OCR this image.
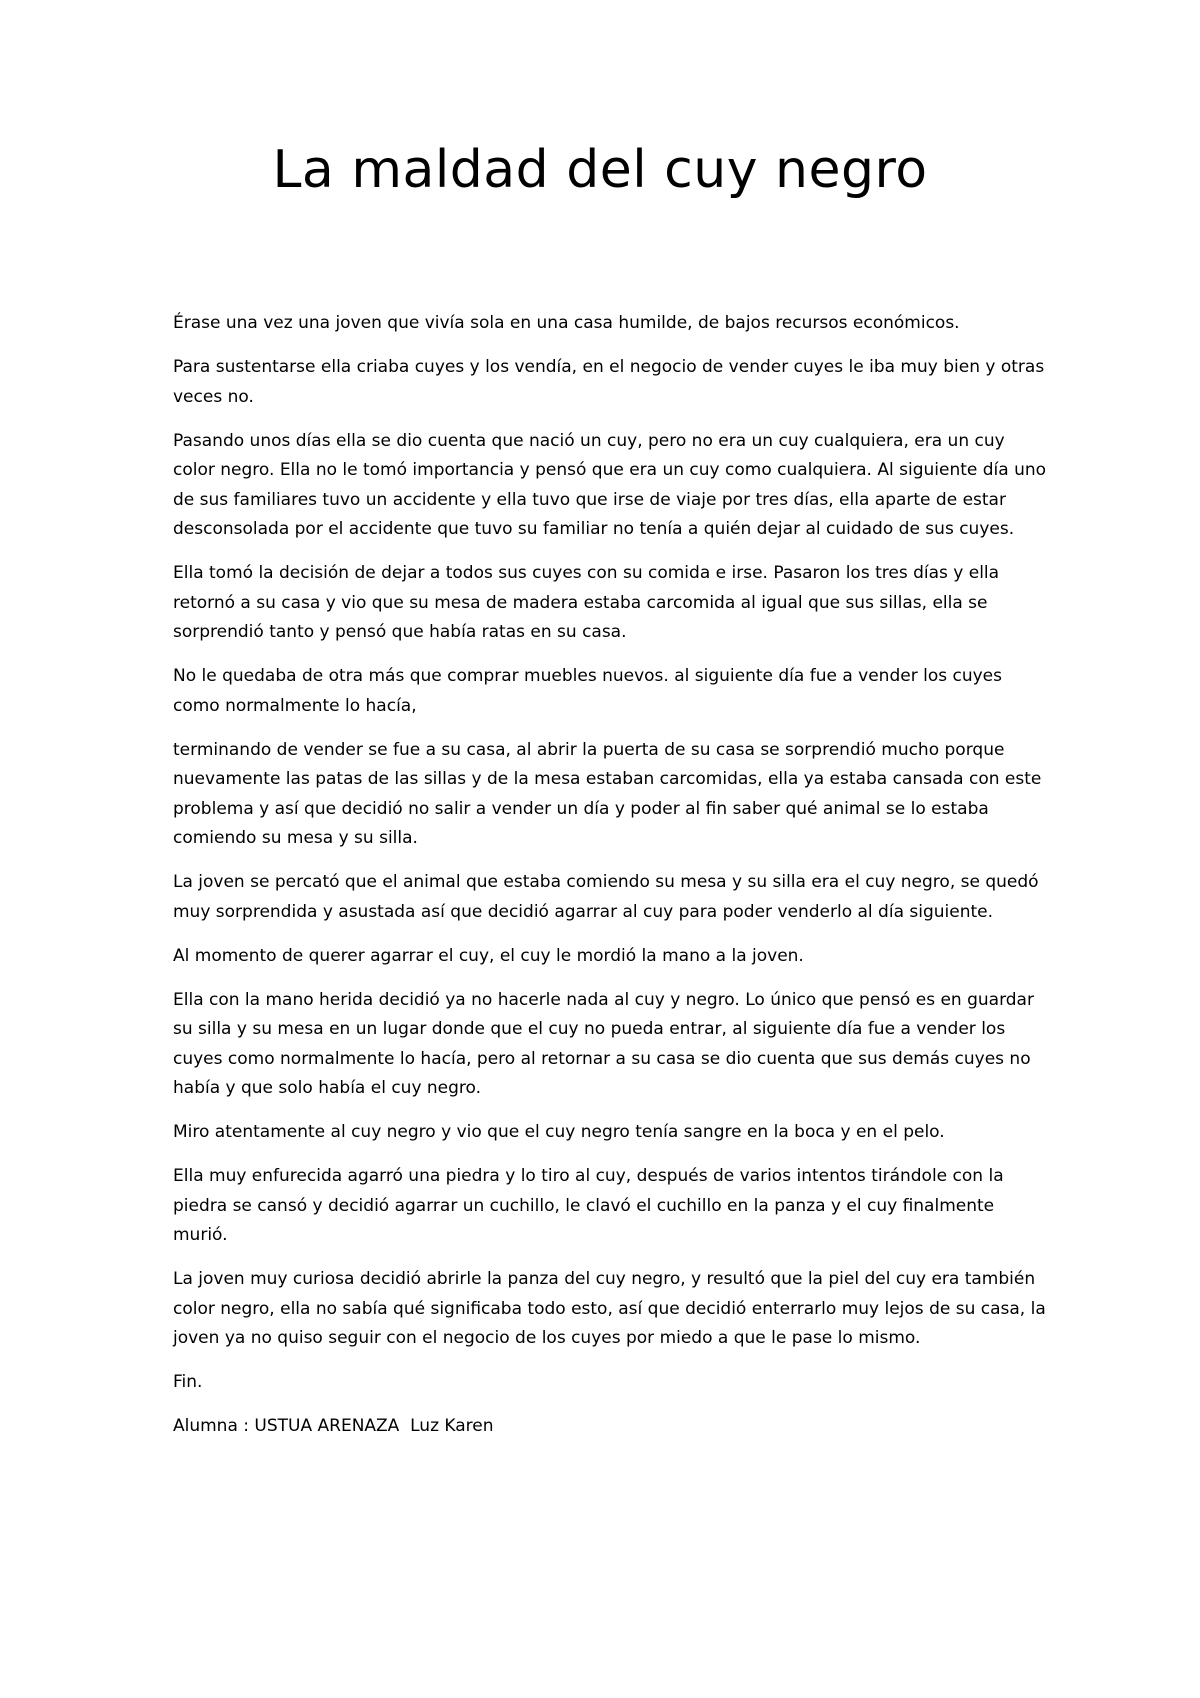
La maldad del cuy negro

Érase una vez una joven que vivía sola en una casa humilde, de bajos recursos económicos.

Para sustentarse ella criaba cuyes y los vendía, en el negocio de vender cuyes le iba muy bien y otras veces no.

Pasando unos días ella se dio cuenta que nació un cuy, pero no era un cuy cualquiera, era un cuy color negro. Ella no le tomó importancia y pensó que era un cuy como cualquiera. Al siguiente día uno de sus familiares tuvo un accidente y ella tuvo que irse de viaje por tres días, ella aparte de estar desconsolada por el accidente que tuvo su familiar no tenía a quién dejar al cuidado de sus cuyes.

Ella tomó la decisión de dejar a todos sus cuyes con su comida e irse. Pasaron los tres días y ella retornó a su casa y vio que su mesa de madera estaba carcomida al igual que sus sillas, ella se sorprendió tanto y pensó que había ratas en su casa.

No le quedaba de otra más que comprar muebles nuevos. al siguiente día fue a vender los cuyes como normalmente lo hacía,

terminando de vender se fue a su casa, al abrir la puerta de su casa se sorprendió mucho porque nuevamente las patas de las sillas y de la mesa estaban carcomidas, ella ya estaba cansada con este problema y así que decidió no salir a vender un día y poder al fin saber qué animal se lo estaba comiendo su mesa y su silla.

La joven se percató que el animal que estaba comiendo su mesa y su silla era el cuy negro, se quedó muy sorprendida y asustada así que decidió agarrar al cuy para poder venderlo al día siguiente.

Al momento de querer agarrar el cuy, el cuy le mordió la mano a la joven.

Ella con la mano herida decidió ya no hacerle nada al cuy y negro. Lo único que pensó es en guardar su silla y su mesa en un lugar donde que el cuy no pueda entrar, al siguiente día fue a vender los cuyes como normalmente lo hacía, pero al retornar a su casa se dio cuenta que sus demás cuyes no había y que solo había el cuy negro.

Miro atentamente al cuy negro y vio que el cuy negro tenía sangre en la boca y en el pelo.

Ella muy enfurecida agarró una piedra y lo tiro al cuy, después de varios intentos tirándole con la piedra se cansó y decidió agarrar un cuchillo, le clavó el cuchillo en la panza y el cuy finalmente murió.

La joven muy curiosa decidió abrirle la panza del cuy negro, y resultó que la piel del cuy era también color negro, ella no sabía qué significaba todo esto, así que decidió enterrarlo muy lejos de su casa, la joven ya no quiso seguir con el negocio de los cuyes por miedo a que le pase lo mismo.

Fin.

Alumna : USTUA ARENAZA  Luz Karen
